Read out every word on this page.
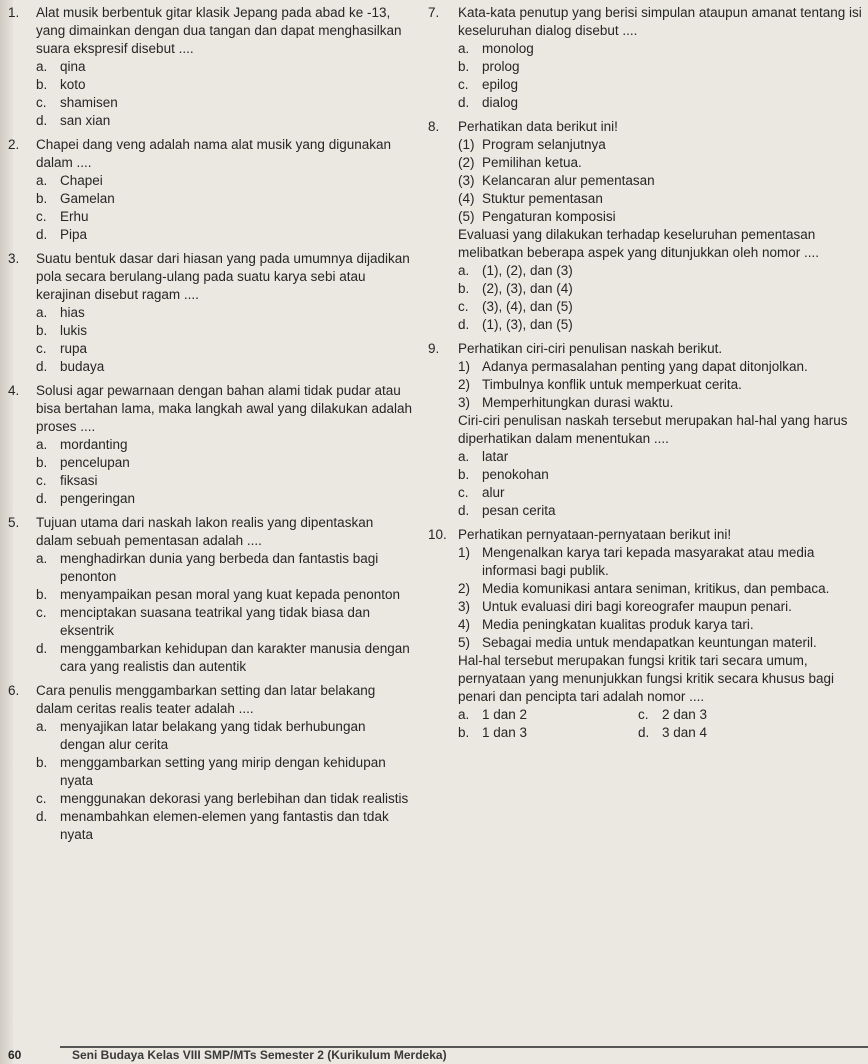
1.	Alat musik berbentuk gitar klasik Jepang pada abad ke -13, yang dimainkan dengan dua tangan dan dapat menghasilkan suara ekspresif disebut ....

a. qina
b. koto
c. shamisen
d. san xian
2.	Chapei dang veng adalah nama alat musik yang digunakan dalam ....

a. Chapei
b. Gamelan
c. Erhu
d. Pipa
3.	Suatu bentuk dasar dari hiasan yang pada umumnya dijadikan pola secara berulang-ulang pada suatu karya sebi atau kerajinan disebut ragam ....

a. hias
b. lukis
c. rupa
d. budaya
4.	Solusi agar pewarnaan dengan bahan alami tidak pudar atau bisa bertahan lama, maka langkah awal yang dilakukan adalah proses ....

a. mordanting
b. pencelupan
c. fiksasi
d. pengeringan
5.	Tujuan utama dari naskah lakon realis yang dipentaskan dalam sebuah pementasan adalah ....

a. menghadirkan dunia yang berbeda dan fantastis bagi penonton
b. menyampaikan pesan moral yang kuat kepada penonton
c. menciptakan suasana teatrikal yang tidak biasa dan eksentrik
d. menggambarkan kehidupan dan karakter manusia dengan cara yang realistis dan autentik
6.	Cara penulis menggambarkan setting dan latar belakang dalam ceritas realis teater adalah ....

a. menyajikan latar belakang yang tidak berhubungan dengan alur cerita
b. menggambarkan setting yang mirip dengan kehidupan nyata
c. menggunakan dekorasi yang berlebihan dan tidak realistis
d. menambahkan elemen-elemen yang fantastis dan tdak nyata
7.	Kata-kata penutup yang berisi simpulan ataupun amanat tentang isi keseluruhan dialog disebut ....

a. monolog
b. prolog
c. epilog
d. dialog
8.	Perhatikan data berikut ini!

(1) Program selanjutnya
(2) Pemilihan ketua.
(3) Kelancaran alur pementasan
(4) Stuktur pementasan
(5) Pengaturan komposisi

Evaluasi yang dilakukan terhadap keseluruhan pementasan melibatkan beberapa aspek yang ditunjukkan oleh nomor ....

a. (1), (2), dan (3)
b. (2), (3), dan (4)
c. (3), (4), dan (5)
d. (1), (3), dan (5)
9.	Perhatikan ciri-ciri penulisan naskah berikut.

1) Adanya permasalahan penting yang dapat ditonjolkan.
2) Timbulnya konflik untuk memperkuat cerita.
3) Memperhitungkan durasi waktu.

Ciri-ciri penulisan naskah tersebut merupakan hal-hal yang harus diperhatikan dalam menentukan ....

a. latar
b. penokohan
c. alur
d. pesan cerita
10. Perhatikan pernyataan-pernyataan berikut ini!

1) Mengenalkan karya tari kepada masyarakat atau media informasi bagi publik.
2) Media komunikasi antara seniman, kritikus, dan pembaca.
3) Untuk evaluasi diri bagi koreografer maupun penari.
4) Media peningkatan kualitas produk karya tari.
5) Sebagai media untuk mendapatkan keuntungan materil.

Hal-hal tersebut merupakan fungsi kritik tari secara umum, pernyataan yang menunjukkan fungsi kritik secara khusus bagi penari dan pencipta tari adalah nomor ....

a. 1 dan 2	c. 2 dan 3
b. 1 dan 3	d. 3 dan 4
60	Seni Budaya Kelas VIII SMP/MTs Semester 2 (Kurikulum Merdeka)
